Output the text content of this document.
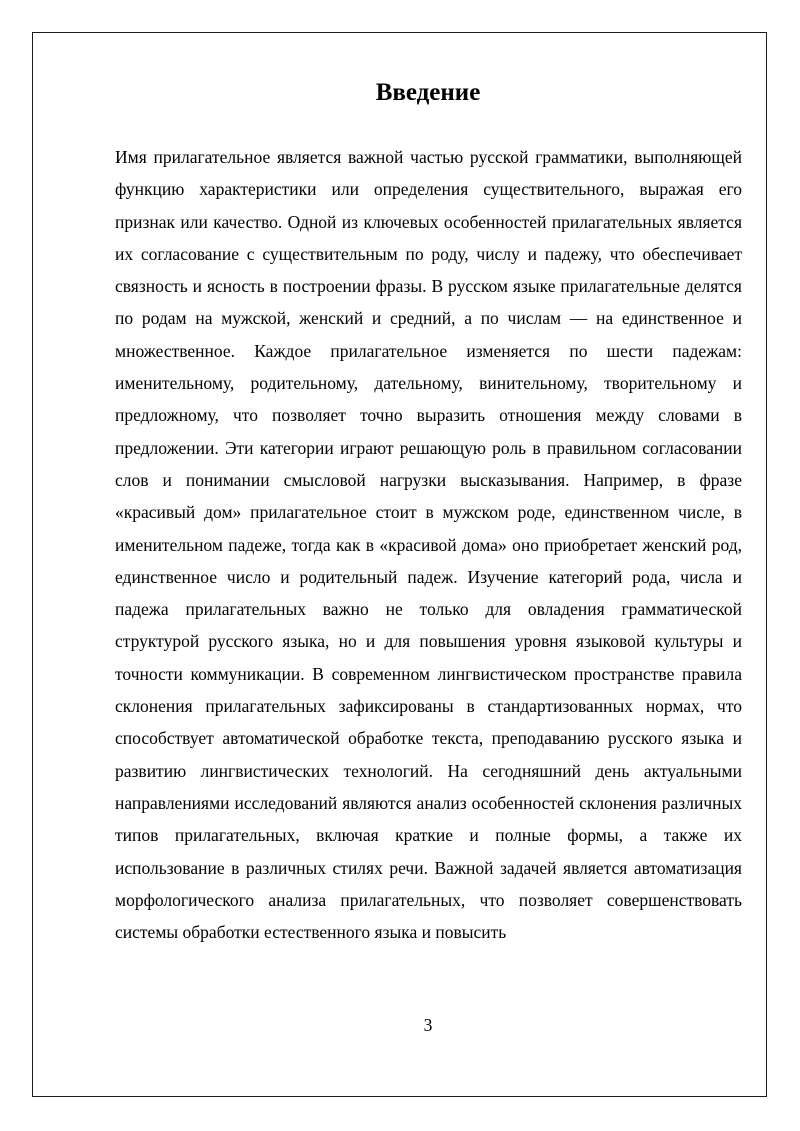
Введение

Имя прилагательное является важной частью русской грамматики, выполняющей функцию характеристики или определения существительного, выражая его признак или качество. Одной из ключевых особенностей прилагательных является их согласование с существительным по роду, числу и падежу, что обеспечивает связность и ясность в построении фразы. В русском языке прилагательные делятся по родам на мужской, женский и средний, а по числам — на единственное и множественное. Каждое прилагательное изменяется по шести падежам: именительному, родительному, дательному, винительному, творительному и предложному, что позволяет точно выразить отношения между словами в предложении. Эти категории играют решающую роль в правильном согласовании слов и понимании смысловой нагрузки высказывания. Например, в фразе «красивый дом» прилагательное стоит в мужском роде, единственном числе, в именительном падеже, тогда как в «красивой дома» оно приобретает женский род, единственное число и родительный падеж. Изучение категорий рода, числа и падежа прилагательных важно не только для овладения грамматической структурой русского языка, но и для повышения уровня языковой культуры и точности коммуникации. В современном лингвистическом пространстве правила склонения прилагательных зафиксированы в стандартизованных нормах, что способствует автоматической обработке текста, преподаванию русского языка и развитию лингвистических технологий. На сегодняшний день актуальными направлениями исследований являются анализ особенностей склонения различных типов прилагательных, включая краткие и полные формы, а также их использование в различных стилях речи. Важной задачей является автоматизация морфологического анализа прилагательных, что позволяет совершенствовать системы обработки естественного языка и повысить

3
